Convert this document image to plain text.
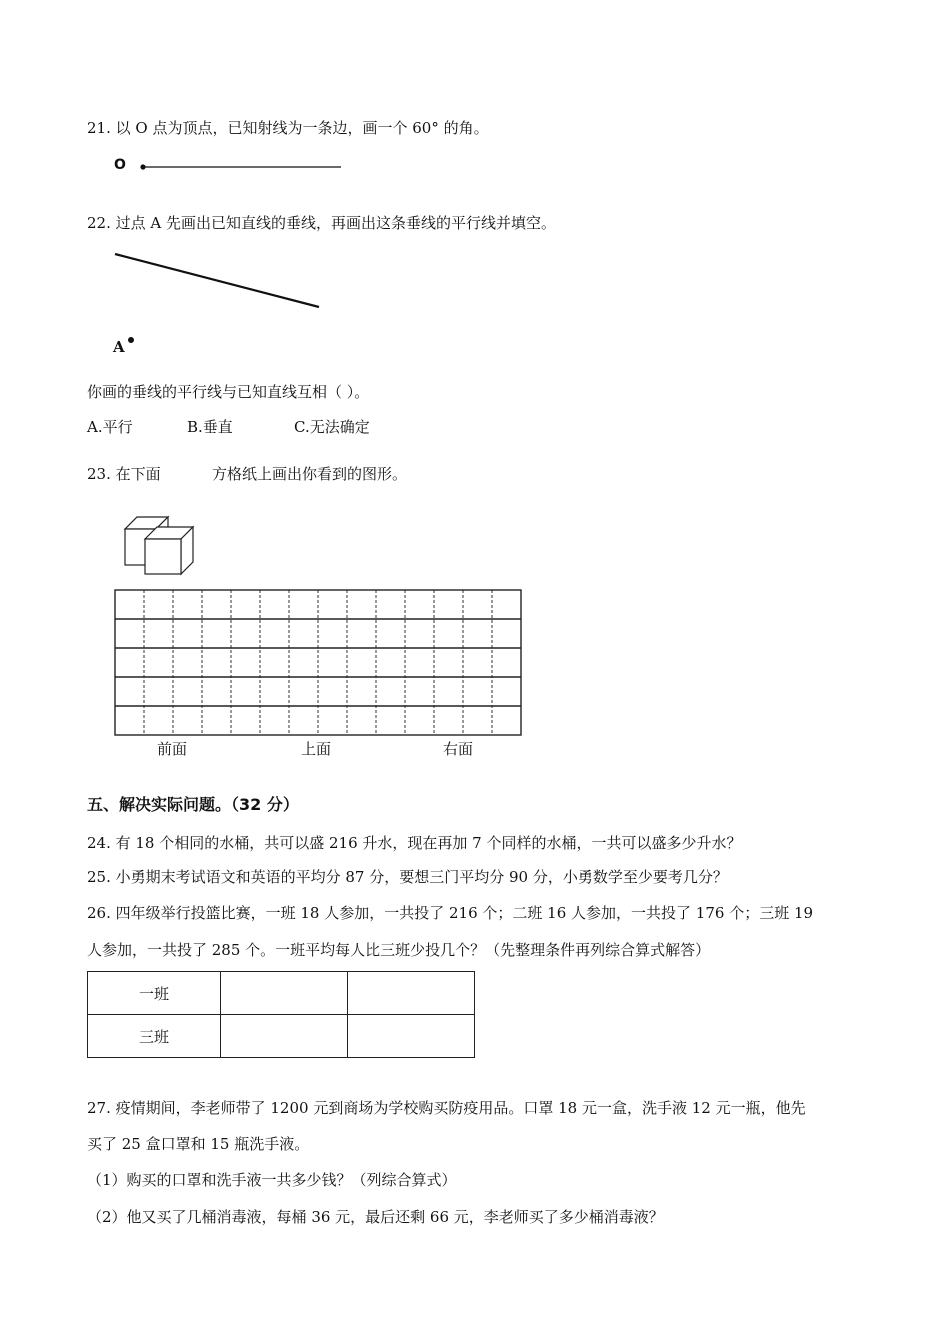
21. 以 O 点为顶点，已知射线为一条边，画一个 60° 的角。
O
22. 过点 A 先画出已知直线的垂线，再画出这条垂线的平行线并填空。
A
你画的垂线的平行线与已知直线互相（ ）。
A.平行	B.垂直	C.无法确定
23. 在下面	方格纸上画出你看到的图形。
前面	上面	右面
五、解决实际问题。（32 分）
24. 有 18 个相同的水桶，共可以盛 216 升水，现在再加 7 个同样的水桶，一共可以盛多少升水？
25. 小勇期末考试语文和英语的平均分 87 分，要想三门平均分 90 分，小勇数学至少要考几分？
26. 四年级举行投篮比赛，一班 18 人参加，一共投了 216 个；二班 16 人参加，一共投了 176 个；三班 19
人参加，一共投了 285 个。一班平均每人比三班少投几个？（先整理条件再列综合算式解答）
一班		
三班		
27. 疫情期间，李老师带了 1200 元到商场为学校购买防疫用品。口罩 18 元一盒，洗手液 12 元一瓶，他先
买了 25 盒口罩和 15 瓶洗手液。
（1）购买的口罩和洗手液一共多少钱？（列综合算式）
（2）他又买了几桶消毒液，每桶 36 元，最后还剩 66 元，李老师买了多少桶消毒液？
